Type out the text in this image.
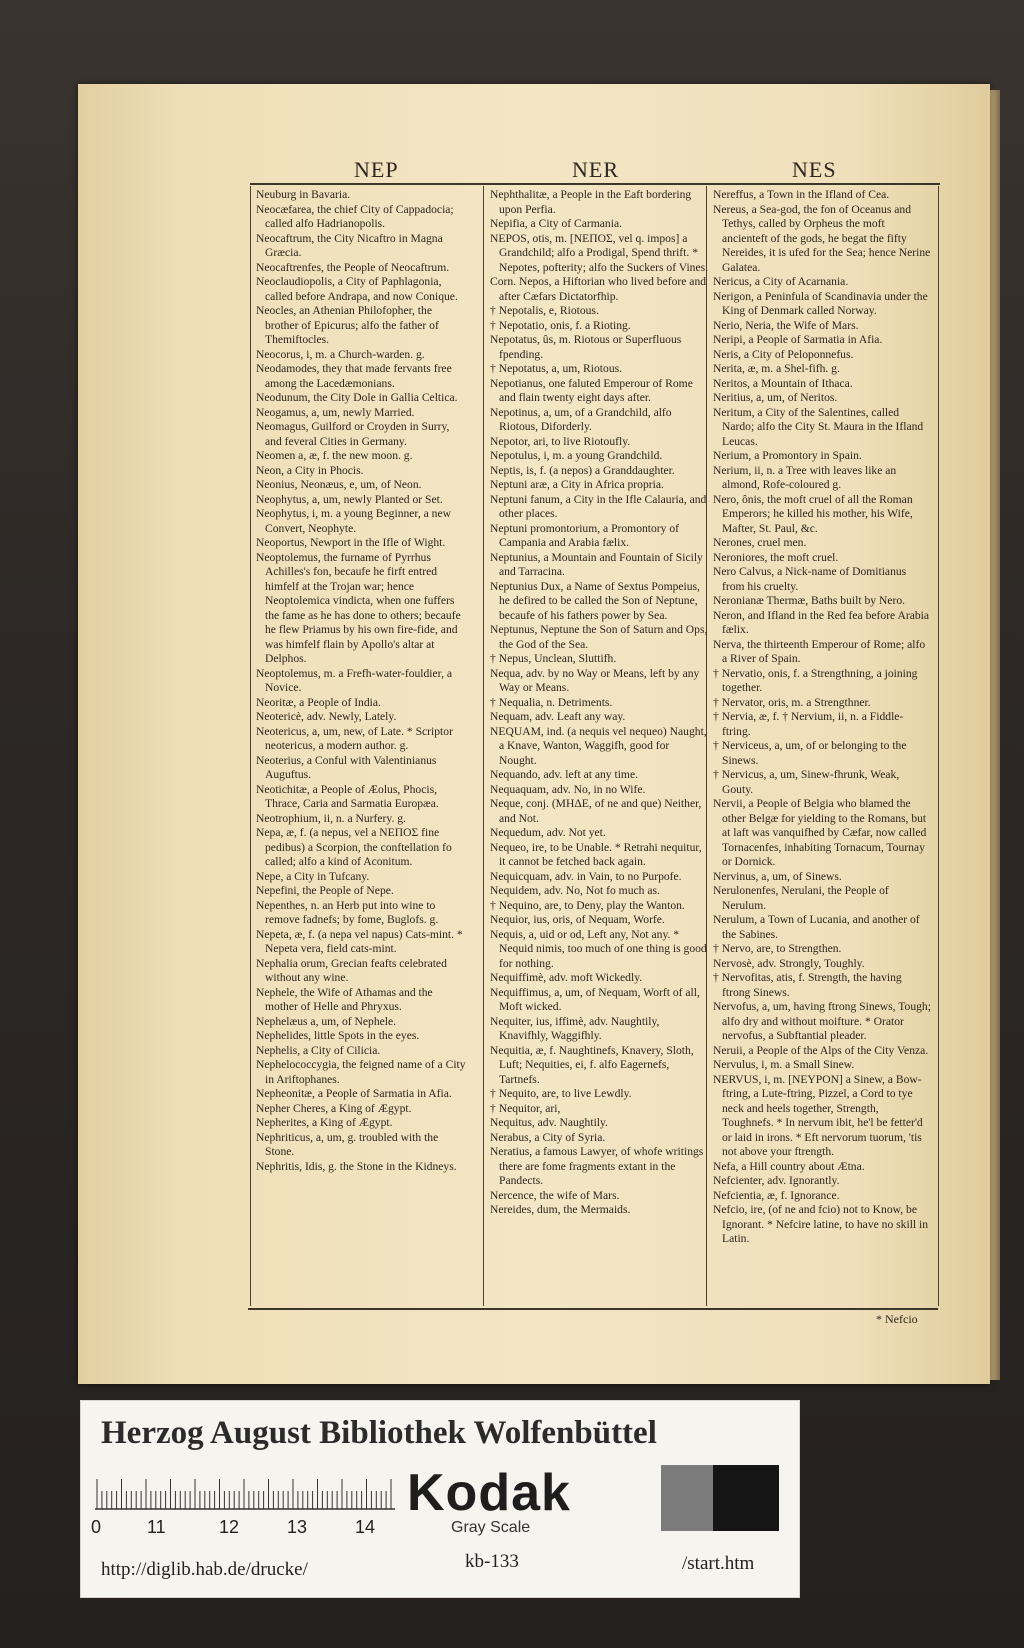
NEP	NER	NES

Neuburg in Bavaria.

Neocæfarea, the chief City of Cappadocia; called alfo Hadrianopolis.

Neocaftrum, the City Nicaftro in Magna Græcia.

Neocaftrenfes, the People of Neocaftrum.

Neoclaudiopolis, a City of Paphlagonia, called before Andrapa, and now Conique.

Neocles, an Athenian Philofopher, the brother of Epicurus; alfo the father of Themiftocles.

Neocorus, i, m. a Church-warden. g.

Neodamodes, they that made fervants free among the Lacedæmonians.

Neodunum, the City Dole in Gallia Celtica.

Neogamus, a, um, newly Married.

Neomagus, Guilford or Croyden in Surry, and feveral Cities in Germany.

Neomen a, æ, f. the new moon. g.

Neon, a City in Phocis.

Neonius, Neonæus, e, um, of Neon.

Neophytus, a, um, newly Planted or Set.

Neophytus, i, m. a young Beginner, a new Convert, Neophyte.

Neoportus, Newport in the Ifle of Wight.

Neoptolemus, the furname of Pyrrhus Achilles's fon, becaufe he firft entred himfelf at the Trojan war; hence Neoptolemica vindicta, when one fuffers the fame as he has done to others; becaufe he flew Priamus by his own fire-fide, and was himfelf flain by Apollo's altar at Delphos.

Neoptolemus, m. a Frefh-water-fouldier, a Novice.

Neoritæ, a People of India.

Neotericè, adv. Newly, Lately.

Neotericus, a, um, new, of Late. * Scriptor neotericus, a modern author. g.

Neoterius, a Conful with Valentinianus Auguftus.

Neotichitæ, a People of Æolus, Phocis, Thrace, Caria and Sarmatia Europæa.

Neotrophium, ii, n. a Nurfery. g.

Nepa, æ, f. (a nepus, vel a ΝΕΠΟΣ fine pedibus) a Scorpion, the conftellation fo called; alfo a kind of Aconitum.

Nepe, a City in Tufcany.

Nepefini, the People of Nepe.

Nepenthes, n. an Herb put into wine to remove fadnefs; by fome, Buglofs. g.

Nepeta, æ, f. (a nepa vel napus) Cats-mint. * Nepeta vera, field cats-mint.

Nephalia orum, Grecian feafts celebrated without any wine.

Nephele, the Wife of Athamas and the mother of Helle and Phryxus.

Nephelæus a, um, of Nephele.

Nephelides, little Spots in the eyes.

Nephelis, a City of Cilicia.

Nephelococcygia, the feigned name of a City in Ariftophanes.

Nepheonitæ, a People of Sarmatia in Afia.

Nepher Cheres, a King of Ægypt.

Nepherites, a King of Ægypt.

Nephriticus, a, um, g. troubled with the Stone.

Nephritis, Idis, g. the Stone in the Kidneys.

Nephthalitæ, a People in the Eaft bordering upon Perfia.

Nepifia, a City of Carmania.

NEPOS, otis, m. [ΝΕΠΟΣ, vel q. impos] a Grandchild; alfo a Prodigal, Spend thrift. * Nepotes, pofterity; alfo the Suckers of Vines.

Corn. Nepos, a Hiftorian who lived before and after Cæfars Dictatorfhip.

† Nepotalis, e, Riotous.

† Nepotatio, onis, f. a Rioting.

Nepotatus, ûs, m. Riotous or Superfluous fpending.

† Nepotatus, a, um, Riotous.

Nepotianus, one faluted Emperour of Rome and flain twenty eight days after.

Nepotinus, a, um, of a Grandchild, alfo Riotous, Diforderly.

Nepotor, ari, to live Riotoufly.

Nepotulus, i, m. a young Grandchild.

Neptis, is, f. (a nepos) a Granddaughter.

Neptuni aræ, a City in Africa propria.

Neptuni fanum, a City in the Ifle Calauria, and other places.

Neptuni promontorium, a Promontory of Campania and Arabia fælix.

Neptunius, a Mountain and Fountain of Sicily and Tarracina.

Neptunius Dux, a Name of Sextus Pompeius, he defired to be called the Son of Neptune, becaufe of his fathers power by Sea.

Neptunus, Neptune the Son of Saturn and Ops, the God of the Sea.

† Nepus, Unclean, Sluttifh.

Nequa, adv. by no Way or Means, left by any Way or Means.

† Nequalia, n. Detriments.

Nequam, adv. Leaft any way.

NEQUAM, ind. (a nequis vel nequeo) Naught, a Knave, Wanton, Waggifh, good for Nought.

Nequando, adv. left at any time.

Nequaquam, adv. No, in no Wife.

Neque, conj. (ΜΗΔΕ, of ne and que) Neither, and Not.

Nequedum, adv. Not yet.

Nequeo, ire, to be Unable. * Retrahi nequitur, it cannot be fetched back again.

Nequicquam, adv. in Vain, to no Purpofe.

Nequidem, adv. No, Not fo much as.

† Nequino, are, to Deny, play the Wanton.

Nequior, ius, oris, of Nequam, Worfe.

Nequis, a, uid or od, Left any, Not any. * Nequid nimis, too much of one thing is good for nothing.

Nequiffimè, adv. moft Wickedly.

Nequiffimus, a, um, of Nequam, Worft of all, Moft wicked.

Nequiter, ius, iffimè, adv. Naughtily, Knavifhly, Waggifhly.

Nequitia, æ, f. Naughtinefs, Knavery, Sloth, Luft; Nequities, ei, f. alfo Eagernefs, Tartnefs.

† Nequito, are, to live Lewdly.

† Nequitor, ari,

Nequitus, adv. Naughtily.

Nerabus, a City of Syria.

Neratius, a famous Lawyer, of whofe writings there are fome fragments extant in the Pandects.

Nercence, the wife of Mars.

Nereides, dum, the Mermaids.

Nereffus, a Town in the Ifland of Cea.

Nereus, a Sea-god, the fon of Oceanus and Tethys, called by Orpheus the moft ancienteft of the gods, he begat the fifty Nereides, it is ufed for the Sea; hence Nerine Galatea.

Nericus, a City of Acarnania.

Nerigon, a Peninfula of Scandinavia under the King of Denmark called Norway.

Nerio, Neria, the Wife of Mars.

Neripi, a People of Sarmatia in Afia.

Neris, a City of Peloponnefus.

Nerita, æ, m. a Shel-fifh. g.

Neritos, a Mountain of Ithaca.

Neritius, a, um, of Neritos.

Neritum, a City of the Salentines, called Nardo; alfo the City St. Maura in the Ifland Leucas.

Nerium, a Promontory in Spain.

Nerium, ii, n. a Tree with leaves like an almond, Rofe-coloured g.

Nero, ônis, the moft cruel of all the Roman Emperors; he killed his mother, his Wife, Mafter, St. Paul, &c.

Nerones, cruel men.

Neroniores, the moft cruel.

Nero Calvus, a Nick-name of Domitianus from his cruelty.

Neronianæ Thermæ, Baths built by Nero.

Neron, and Ifland in the Red fea before Arabia fælix.

Nerva, the thirteenth Emperour of Rome; alfo a River of Spain.

† Nervatio, onis, f. a Strengthning, a joining together.

† Nervator, oris, m. a Strengthner.

† Nervia, æ, f. † Nervium, ii, n. a Fiddle-ftring.

† Nerviceus, a, um, of or belonging to the Sinews.

† Nervicus, a, um, Sinew-fhrunk, Weak, Gouty.

Nervii, a People of Belgia who blamed the other Belgæ for yielding to the Romans, but at laft was vanquifhed by Cæfar, now called Tornacenfes, inhabiting Tornacum, Tournay or Dornick.

Nervinus, a, um, of Sinews.

Nerulonenfes, Nerulani, the People of Nerulum.

Nerulum, a Town of Lucania, and another of the Sabines.

† Nervo, are, to Strengthen.

Nervosè, adv. Strongly, Toughly.

† Nervofitas, atis, f. Strength, the having ftrong Sinews.

Nervofus, a, um, having ftrong Sinews, Tough; alfo dry and without moifture. * Orator nervofus, a Subftantial pleader.

Neruii, a People of the Alps of the City Venza.

Nervulus, i, m. a Small Sinew.

NERVUS, i, m. [ΝΕΥΡΟΝ] a Sinew, a Bow-ftring, a Lute-ftring, Pizzel, a Cord to tye neck and heels together, Strength, Toughnefs. * In nervum ibit, he'l be fetter'd or laid in irons. * Eft nervorum tuorum, 'tis not above your ftrength.

Nefa, a Hill country about Ætna.

Nefcienter, adv. Ignorantly.

Nefcientia, æ, f. Ignorance.

Nefcio, ire, (of ne and fcio) not to Know, be Ignorant. * Nefcire latine, to have no skill in Latin.

* Nefcio
Herzog August Bibliothek Wolfenbüttel
0	11	12	13	14
Kodak
Gray Scale
http://diglib.hab.de/drucke/	kb-133	/start.htm
